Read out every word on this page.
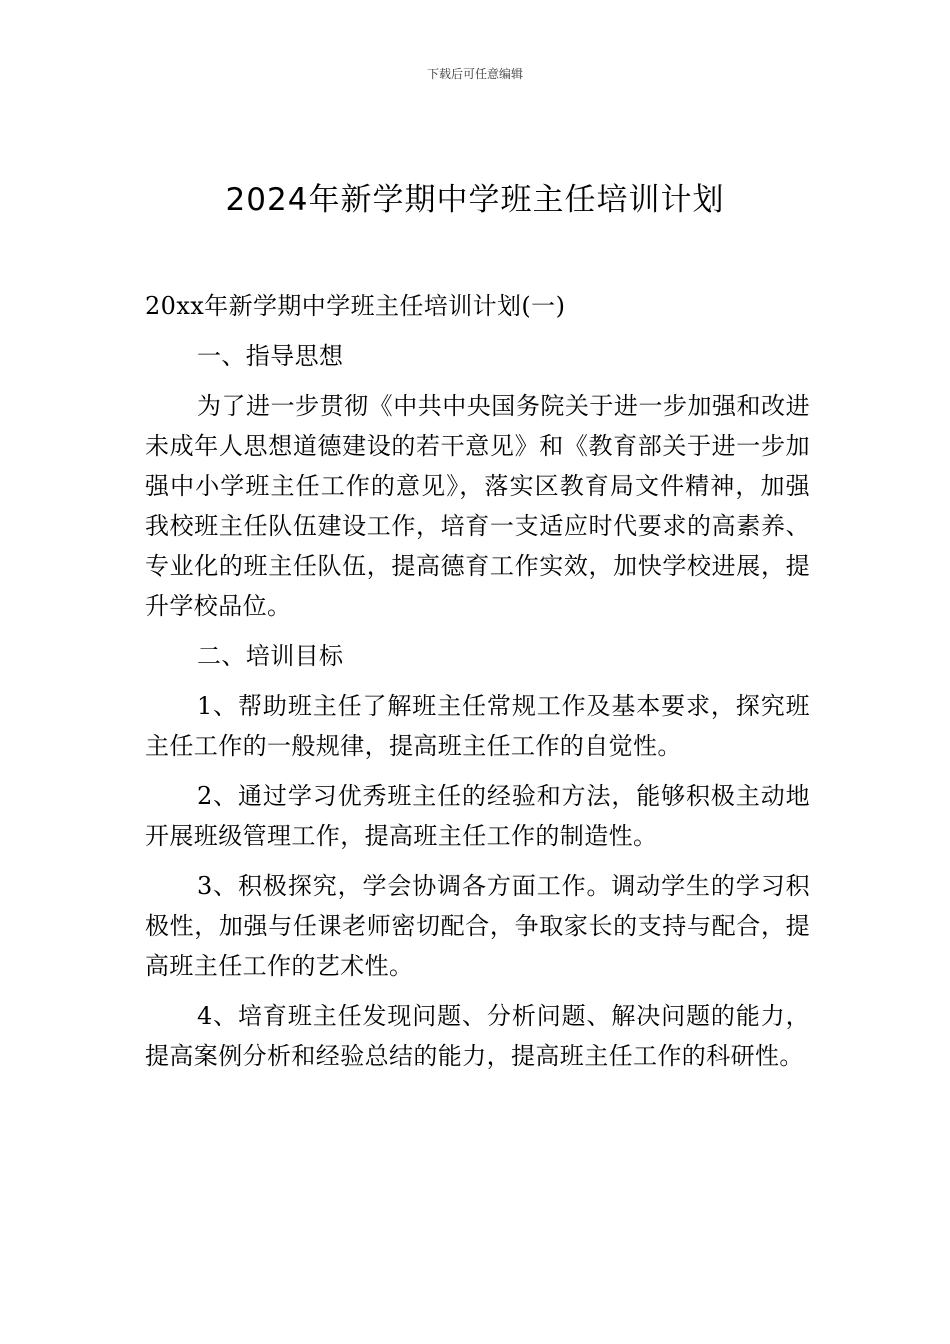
下载后可任意编辑
2024年新学期中学班主任培训计划

20xx年新学期中学班主任培训计划(一)

一、指导思想

为了进一步贯彻《中共中央国务院关于进一步加强和改进未成年人思想道德建设的若干意见》和《教育部关于进一步加强中小学班主任工作的意见》，落实区教育局文件精神，加强我校班主任队伍建设工作，培育一支适应时代要求的高素养、专业化的班主任队伍，提高德育工作实效，加快学校进展，提升学校品位。

二、培训目标

1、帮助班主任了解班主任常规工作及基本要求，探究班主任工作的一般规律，提高班主任工作的自觉性。

2、通过学习优秀班主任的经验和方法，能够积极主动地开展班级管理工作，提高班主任工作的制造性。

3、积极探究，学会协调各方面工作。调动学生的学习积极性，加强与任课老师密切配合，争取家长的支持与配合，提高班主任工作的艺术性。

4、培育班主任发现问题、分析问题、解决问题的能力，提高案例分析和经验总结的能力，提高班主任工作的科研性。
